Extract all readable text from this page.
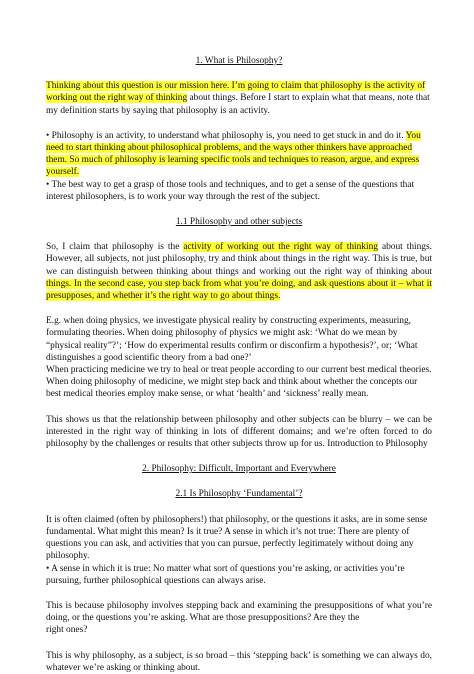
1. What is Philosophy?

Thinking about this question is our mission here. I’m going to claim that philosophy is the activity of working out the right way of thinking about things. Before I start to explain what that means, note that my definition starts by saying that philosophy is an activity.

• Philosophy is an activity, to understand what philosophy is, you need to get stuck in and do it. You need to start thinking about philosophical problems, and the ways other thinkers have approached them. So much of philosophy is learning specific tools and techniques to reason, argue, and express yourself.

• The best way to get a grasp of those tools and techniques, and to get a sense of the questions that interest philosophers, is to work your way through the rest of the subject.

1.1 Philosophy and other subjects

So, I claim that philosophy is the activity of working out the right way of thinking about things. However, all subjects, not just philosophy, try and think about things in the right way. This is true, but we can distinguish between thinking about things and working out the right way of thinking about things. In the second case, you step back from what you’re doing, and ask questions about it – what it presupposes, and whether it’s the right way to go about things.

E.g. when doing physics, we investigate physical reality by constructing experiments, measuring, formulating theories. When doing philosophy of physics we might ask: ‘What do we mean by “physical reality”?’; ‘How do experimental results confirm or disconfirm a hypothesis?’, or; ‘What distinguishes a good scientific theory from a bad one?’

When practicing medicine we try to heal or treat people according to our current best medical theories. When doing philosophy of medicine, we might step back and think about whether the concepts our best medical theories employ make sense, or what ‘health’ and ‘sickness’ really mean.

This shows us that the relationship between philosophy and other subjects can be blurry – we can be interested in the right way of thinking in lots of different domains; and we’re often forced to do philosophy by the challenges or results that other subjects throw up for us. Introduction to Philosophy

2. Philosophy: Difficult, Important and Everywhere

2.1 Is Philosophy ‘Fundamental’?

It is often claimed (often by philosophers!) that philosophy, or the questions it asks, are in some sense fundamental. What might this mean? Is it true? A sense in which it’s not true: There are plenty of questions you can ask, and activities that you can pursue, perfectly legitimately without doing any philosophy.

• A sense in which it is true: No matter what sort of questions you’re asking, or activities you’re pursuing, further philosophical questions can always arise.

This is because philosophy involves stepping back and examining the presuppositions of what you’re doing, or the questions you’re asking. What are those presuppositions? Are they the

right ones?

This is why philosophy, as a subject, is so broad – this ‘stepping back’ is something we can always do, whatever we’re asking or thinking about.
